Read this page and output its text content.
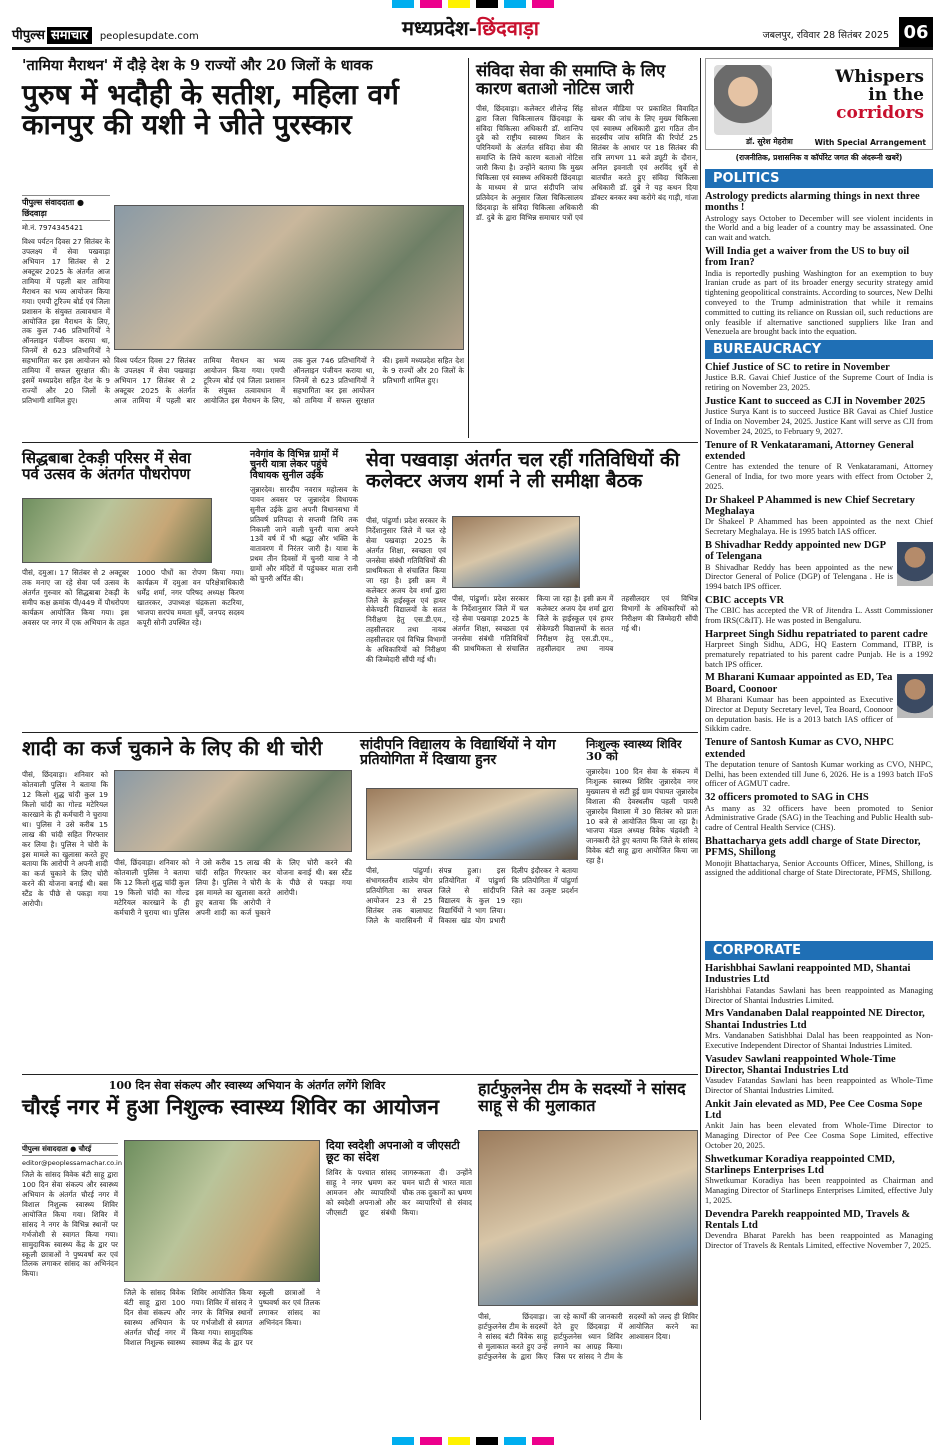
पीपुल्स समाचार	peoplesupdate.com	मध्यप्रदेश-छिंदवाड़ा	जबलपुर, रविवार 28 सितंबर 2025 06
'तामिया मैराथन' में दौड़े देश के 9 राज्यों और 20 जिलों के धावक
पुरुष में भदौही के सतीश, महिला वर्ग कानपुर की यशी ने जीते पुरस्कार
पीपुल्स संवाददाता ● छिंदवाड़ा
मो.नं. 7974345421
विश्व पर्यटन दिवस 27 सितंबर के उपलक्ष्य में सेवा पखवाड़ा अभियान 17 सितंबर से 2 अक्टूबर 2025 के अंतर्गत आज तामिया में पहली बार तामिया मैराथन का भव्य आयोजन किया गया। एमपी टूरिज्म बोर्ड एवं जिला प्रशासन के संयुक्त तत्वावधान में आयोजित इस मैराथन के लिए, तक कुल 746 प्रतिभागियों ने ऑनलाइन पंजीयन कराया था, जिनमें से 623 प्रतिभागियों ने सहभागिता कर इस आयोजन को तामिया में सफल सुरक्षात की। इसमें मध्यप्रदेश सहित देश के 9 राज्यों और 20 जिलों के प्रतिभागी शामिल हुए।
विश्व पर्यटन दिवस 27 सितंबर के उपलक्ष्य में सेवा पखवाड़ा अभियान 17 सितंबर से 2 अक्टूबर 2025 के अंतर्गत आज तामिया में पहली बार तामिया मैराथन का भव्य आयोजन किया गया। एमपी टूरिज्म बोर्ड एवं जिला प्रशासन के संयुक्त तत्वावधान में आयोजित इस मैराथन के लिए, तक कुल 746 प्रतिभागियों ने ऑनलाइन पंजीयन कराया था, जिनमें से 623 प्रतिभागियों ने सहभागिता कर इस आयोजन को तामिया में सफल सुरक्षात की। इसमें मध्यप्रदेश सहित देश के 9 राज्यों और 20 जिलों के प्रतिभागी शामिल हुए।
संविदा सेवा की समाप्ति के लिए कारण बताओ नोटिस जारी
पीसं, छिंदवाड़ा। कलेक्टर शीलेन्द्र सिंह द्वारा जिला चिकित्सालय छिंदवाड़ा के संविदा चिकित्सा अधिकारी डॉ. शान्तिप दुबे को राष्ट्रीय स्वास्थ्य मिशन के परिनियमों के अंतर्गत संविदा सेवा की समाप्ति के लिये कारण बताओ नोटिस जारी किया है। उन्होंने बताया कि मुख्य चिकित्सा एवं स्वास्थ्य अधिकारी छिंदवाड़ा के माध्यम से प्राप्त संदीपनि जांच प्रतिवेदन के अनुसार जिला चिकित्सालय छिंदवाड़ा के संविदा चिकित्सा अधिकारी डॉ. दुबे के द्वारा विभिन्न समाचार पत्रों एवं सोशल मीडिया पर प्रकाशित विवादित खबर की जांच के लिए मुख्य चिकित्सा एवं स्वास्थ्य अधिकारी द्वारा गठित तीन सदस्यीय जांच समिति की रिपोर्ट 25 सितंबर के आधार पर 18 सितंबर की रात्रि लगभग 11 बजे ड्यूटी के दौरान, अनिल इवनाती एवं अरविंद धुर्वे से बातचीत करते हुए संविदा चिकित्सा अधिकारी डॉ. दुबे ने यह कथन दिया डॉक्टर बनकर क्या करोगे बंद गाड़ी, गांजा की
सिद्धबाबा टेकड़ी परिसर में सेवा पर्व उत्सव के अंतर्गत पौधरोपण
पीसं, दमुआ। 17 सितंबर से 2 अक्टूबर तक मनाए जा रहे सेवा पर्व उत्सव के अंतर्गत गुरुवार को सिद्धबाबा टेकड़ी के समीप कक्ष क्रमांक पी/449 में पौधरोपण कार्यक्रम आयोजित किया गया। इस अवसर पर नगर में एक अभियान के तहत 1000 पौधों का रोपण किया गया। कार्यक्रम में दमुआ वन परिक्षेत्राधिकारी धर्मेंद्र शर्मा, नगर परिषद अध्यक्ष किरण खातरकर, उपाध्यक्ष चंद्रकला कटरिया, भाजपा सरपंच ममता धुर्वे, जनपद सदस्य कपूरी सोनी उपस्थित रहे।
नवेगांव के विभिन्न ग्रामों में चुनरी यात्रा लेकर पहुंचे विधायक सुनील उईके
जुन्नारदेव। सारदीय नवरात्र महोत्सव के पावन अवसर पर जुन्नारदेव विधायक सुनील उईके द्वारा अपनी विधानसभा में प्रतिवर्ष प्रतिपदा से सप्तमी तिथि तक निकाली जाने वाली चुनरी यात्रा अपने 13वें वर्ष में भी श्रद्धा और भक्ति के वातावरण में निरंतर जारी है। यात्रा के प्रथम तीन दिवसों में चुनरी यात्रा ने नौ ग्रामों और मंदिरों में पहुंचकर माता रानी को चुनरी अर्पित की।
सेवा पखवाड़ा अंतर्गत चल रहीं गतिविधियों की कलेक्टर अजय शर्मा ने ली समीक्षा बैठक
पीसं, पांढुर्णा। प्रदेश सरकार के निर्देशानुसार जिले में चल रहे सेवा पखवाड़ा 2025 के अंतर्गत शिक्षा, स्वच्छता एवं जनसेवा संबंधी गतिविधियों की प्राथमिकता से संचालित किया जा रहा है। इसी क्रम में कलेक्टर अजय देव शर्मा द्वारा जिले के हाईस्कूल एवं हायर सेकेण्डरी विद्यालयों के सतत निरीक्षण हेतु एस.डी.एम., तहसीलदार तथा नायब तहसीलदार एवं विभिन्न विभागों के अधिकारियों को निरीक्षण की जिम्मेदारी सौंपी गई थी।
पीसं, पांढुर्णा। प्रदेश सरकार के निर्देशानुसार जिले में चल रहे सेवा पखवाड़ा 2025 के अंतर्गत शिक्षा, स्वच्छता एवं जनसेवा संबंधी गतिविधियों की प्राथमिकता से संचालित किया जा रहा है। इसी क्रम में कलेक्टर अजय देव शर्मा द्वारा जिले के हाईस्कूल एवं हायर सेकेण्डरी विद्यालयों के सतत निरीक्षण हेतु एस.डी.एम., तहसीलदार तथा नायब तहसीलदार एवं विभिन्न विभागों के अधिकारियों को निरीक्षण की जिम्मेदारी सौंपी गई थी।
शादी का कर्ज चुकाने के लिए की थी चोरी
पीसं, छिंदवाड़ा। शनिवार को कोतवाली पुलिस ने बताया कि 12 किलो शुद्ध चांदी कुल 19 किलो चांदी का गोल्ड मटेरियल कारखाने के ही कर्मचारी ने चुराया था। पुलिस ने उसे करीब 15 लाख की चांदी सहित गिरफ्तार कर लिया है। पुलिस ने चोरी के इस मामले का खुलासा करते हुए बताया कि आरोपी ने अपनी शादी का कर्ज चुकाने के लिए चोरी करने की योजना बनाई थी। बस स्टैंड के पीछे से पकड़ा गया आरोपी।
पीसं, छिंदवाड़ा। शनिवार को कोतवाली पुलिस ने बताया कि 12 किलो शुद्ध चांदी कुल 19 किलो चांदी का गोल्ड मटेरियल कारखाने के ही कर्मचारी ने चुराया था। पुलिस ने उसे करीब 15 लाख की चांदी सहित गिरफ्तार कर लिया है। पुलिस ने चोरी के इस मामले का खुलासा करते हुए बताया कि आरोपी ने अपनी शादी का कर्ज चुकाने के लिए चोरी करने की योजना बनाई थी। बस स्टैंड के पीछे से पकड़ा गया आरोपी।
सांदीपनि विद्यालय के विद्यार्थियों ने योग प्रतियोगिता में दिखाया हुनर
पीसं, पांढुर्णा। संभागस्तरीय शालेय योग प्रतियोगिता का सफल आयोजन 23 से 25 सितंबर तक बालाघाट जिले के वारासिवनी में संपन्न हुआ। इस प्रतियोगिता में पांढुर्णा जिले से सांदीपनि विद्यालय के कुल 19 विद्यार्थियों ने भाग लिया। विकास खंड योग प्रभारी दिलीप इंदौरकर ने बताया कि प्रतियोगिता में पांढुर्णा जिले का उत्कृष्ट प्रदर्शन रहा।
निःशुल्क स्वास्थ्य शिविर 30 को
जुन्नारदेव। 100 दिन सेवा के संकल्प में निःशुल्क स्वास्थ्य शिविर जुन्नारदेव नगर मुख्यालय से सटी हुई ग्राम पंचायत जुन्नारदेव विशाला की देवस्थलीय पहली पायरी जुन्नारदेव विशाला में 30 सितंबर को प्रातः 10 बजे से आयोजित किया जा रहा है। भाजपा मंडल अध्यक्ष विवेक चंद्रवंशी ने जानकारी देते हुए बताया कि जिले के सांसद विवेक बंटी साहू द्वारा आयोजित किया जा रहा है।
100 दिन सेवा संकल्प और स्वास्थ्य अभियान के अंतर्गत लगेंगे शिविर
चौरई नगर में हुआ निशुल्क स्वास्थ्य शिविर का आयोजन
पीपुल्स संवाददाता ● चौरई
editor@peoplessamachar.co.in
जिले के सांसद विवेक बंटी साहू द्वारा 100 दिन सेवा संकल्प और स्वास्थ्य अभियान के अंतर्गत चौरई नगर में विशाल निशुल्क स्वास्थ्य शिविर आयोजित किया गया। शिविर में सांसद ने नगर के विभिन्न स्थानों पर गर्भजोशी से स्वागत किया गया। सामुदायिक स्वास्थ्य केंद्र के द्वार पर स्कूली छात्राओं ने पुष्पवर्षा कर एवं तिलक लगाकर सांसद का अभिनंदन किया।
जिले के सांसद विवेक बंटी साहू द्वारा 100 दिन सेवा संकल्प और स्वास्थ्य अभियान के अंतर्गत चौरई नगर में विशाल निशुल्क स्वास्थ्य शिविर आयोजित किया गया। शिविर में सांसद ने नगर के विभिन्न स्थानों पर गर्भजोशी से स्वागत किया गया। सामुदायिक स्वास्थ्य केंद्र के द्वार पर स्कूली छात्राओं ने पुष्पवर्षा कर एवं तिलक लगाकर सांसद का अभिनंदन किया।
दिया स्वदेशी अपनाओ व जीएसटी छूट का संदेश
शिविर के पश्चात सांसद साहू ने नगर भ्रमण कर आमजन और व्यापारियों को स्वदेशी अपनाओ और जीएसटी छूट संबंधी जागरूकता दी। उन्होंने चमन घाटी से भारत माता चौक तक दुकानों का भ्रमण कर व्यापारियों से संवाद किया।
हार्टफुलनेस टीम के सदस्यों ने सांसद साहू से की मुलाकात
पीसं, छिंदवाड़ा। हार्टफुलनेस टीम के सदस्यों ने सांसद बंटी विवेक साहू से मुलाकात करते हुए उन्हें हार्टफुलनेस के द्वारा किए जा रहे कार्यों की जानकारी देते हुए छिंदवाड़ा में हार्टफुलनेस ध्यान शिविर लगाने का आग्रह किया। जिस पर सांसद ने टीम के सदस्यों को जल्द ही शिविर आयोजित करने का आश्वासन दिया।
Whispers
in the
corridors
डॉ. सुरेश मेहरोत्रा	With Special Arrangement
(राजनीतिक, प्रशासनिक व कॉर्पोरेट जगत की अंदरूनी खबरें)
POLITICS
Astrology predicts alarming things in next three months !

Astrology says October to December will see violent incidents in the World and a big leader of a country may be assassinated. One can wait and watch.

Will India get a waiver from the US to buy oil from Iran?

India is reportedly pushing Washington for an exemption to buy Iranian crude as part of its broader energy security strategy amid tightening geopolitical constraints. According to sources, New Delhi conveyed to the Trump administration that while it remains committed to cutting its reliance on Russian oil, such reductions are only feasible if alternative sanctioned suppliers like Iran and Venezuela are brought back into the equation.

BUREAUCRACY
Chief Justice of SC to retire in November

Justice B.R. Gavai Chief Justice of the Supreme Court of India is retiring on November 23, 2025.

Justice Kant to succeed as CJI in November 2025

Justice Surya Kant is to succeed Justice BR Gavai as Chief Justice of India on November 24, 2025. Justice Kant will serve as CJI from November 24, 2025, to February 9, 2027.

Tenure of R Venkataramani, Attorney General extended

Centre has extended the tenure of R Venkataramani, Attorney General of India, for two more years with effect from October 2, 2025.

Dr Shakeel P Ahammed is new Chief Secretary Meghalaya

Dr Shakeel P Ahammed has been appointed as the next Chief Secretary Meghalaya. He is 1995 batch IAS officer.

B Shivadhar Reddy appointed new DGP of Telengana

B Shivadhar Reddy has been appointed as the new Director General of Police (DGP) of Telengana . He is 1994 batch IPS officer.

CBIC accepts VR

The CBIC has accepted the VR of Jitendra L. Asstt Commissioner from IRS(C&IT). He was posted in Bengaluru.

Harpreet Singh Sidhu repatriated to parent cadre

Harpreet Singh Sidhu, ADG, HQ Eastern Command, ITBP, is prematurely repatriated to his parent cadre Punjab. He is a 1992 batch IPS officer.

M Bharani Kumaar appointed as ED, Tea Board, Coonoor

M Bharani Kumaar has been appointed as Executive Director at Deputy Secretary level, Tea Board, Coonoor on deputation basis. He is a 2013 batch IAS officer of Sikkim cadre.

Tenure of Santosh Kumar as CVO, NHPC extended

The deputation tenure of Santosh Kumar working as CVO, NHPC, Delhi, has been extended till June 6, 2026. He is a 1993 batch IFoS officer of AGMUT cadre.

32 officers promoted to SAG in CHS

As many as 32 officers have been promoted to Senior Administrative Grade (SAG) in the Teaching and Public Health sub-cadre of Central Health Service (CHS).

Bhattacharya gets addl charge of State Director, PFMS, Shillong

Monojit Bhattacharya, Senior Accounts Officer, Mines, Shillong, is assigned the additional charge of State Directorate, PFMS, Shillong.

CORPORATE
Harishbhai Sawlani reappointed MD, Shantai Industries Ltd

Harishbhai Fatandas Sawlani has been reappointed as Managing Director of Shantai Industries Limited.

Mrs Vandanaben Dalal reappointed NE Director, Shantai Industries Ltd

Mrs. Vandanaben Satishbhai Dalal has been reappointed as Non-Executive Independent Director of Shantai Industries Limited.

Vasudev Sawlani reappointed Whole-Time Director, Shantai Industries Ltd

Vasudev Fatandas Sawlani has been reappointed as Whole-Time Director of Shantai Industries Limited.

Ankit Jain elevated as MD, Pee Cee Cosma Sope Ltd

Ankit Jain has been elevated from Whole-Time Director to Managing Director of Pee Cee Cosma Sope Limited, effective October 20, 2025.

Shwetkumar Koradiya reappointed CMD, Starlineps Enterprises Ltd

Shwetkumar Koradiya has been reappointed as Chairman and Managing Director of Starlineps Enterprises Limited, effective July 1, 2025.

Devendra Parekh reappointed MD, Travels & Rentals Ltd

Devendra Bharat Parekh has been reappointed as Managing Director of Travels & Rentals Limited, effective November 7, 2025.
